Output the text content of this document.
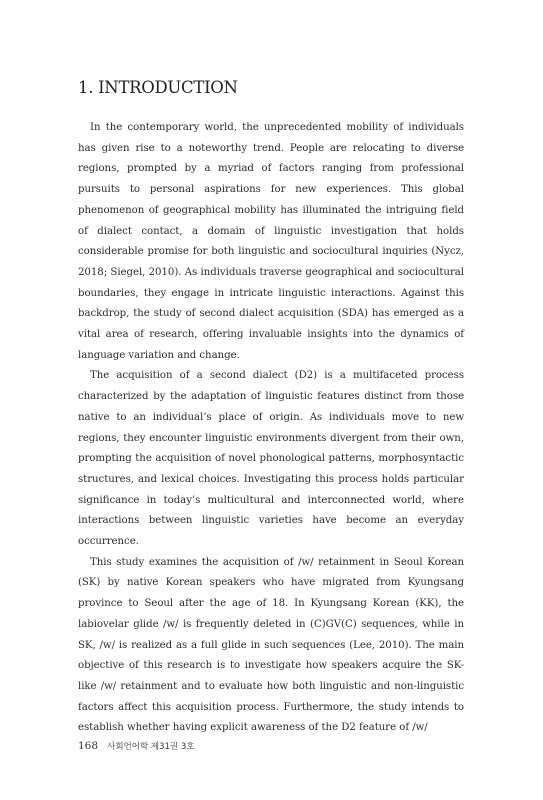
1. INTRODUCTION

In the contemporary world, the unprecedented mobility of individuals has given rise to a noteworthy trend. People are relocating to diverse regions, prompted by a myriad of factors ranging from professional pursuits to personal aspirations for new experiences. This global phenomenon of geographical mobility has illuminated the intriguing field of dialect contact, a domain of linguistic investigation that holds considerable promise for both linguistic and sociocultural inquiries (Nycz, 2018; Siegel, 2010). As individuals traverse geographical and sociocultural boundaries, they engage in intricate linguistic interactions. Against this backdrop, the study of second dialect acquisition (SDA) has emerged as a vital area of research, offering invaluable insights into the dynamics of language variation and change.

The acquisition of a second dialect (D2) is a multifaceted process characterized by the adaptation of linguistic features distinct from those native to an individual’s place of origin. As individuals move to new regions, they encounter linguistic environments divergent from their own, prompting the acquisition of novel phonological patterns, morphosyntactic structures, and lexical choices. Investigating this process holds particular significance in today’s multicultural and interconnected world, where interactions between linguistic varieties have become an everyday occurrence.

This study examines the acquisition of /w/ retainment in Seoul Korean (SK) by native Korean speakers who have migrated from Kyungsang province to Seoul after the age of 18. In Kyungsang Korean (KK), the labiovelar glide /w/ is frequently deleted in (C)GV(C) sequences, while in SK, /w/ is realized as a full glide in such sequences (Lee, 2010). The main objective of this research is to investigate how speakers acquire the SK-like /w/ retainment and to evaluate how both linguistic and non-linguistic factors affect this acquisition process. Furthermore, the study intends to establish whether having explicit awareness of the D2 feature of /w/

168 사회언어학 제31권 3호
